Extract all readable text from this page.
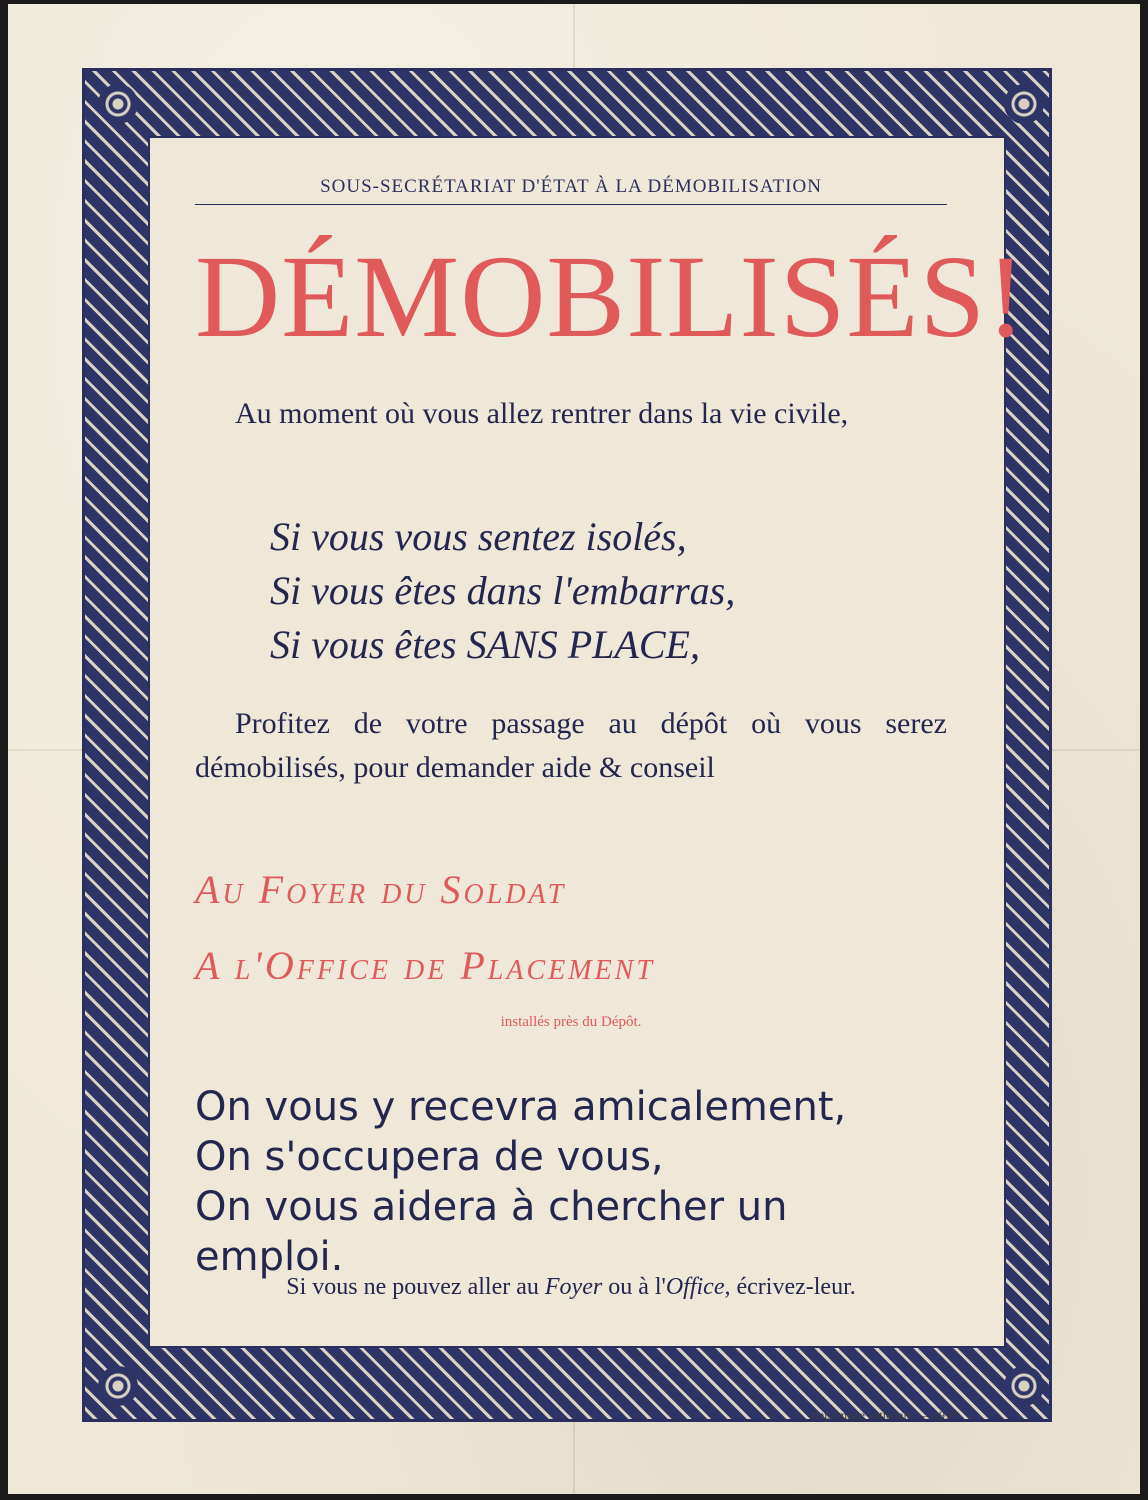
SOUS-SECRÉTARIAT D'ÉTAT À LA DÉMOBILISATION
DÉMOBILISÉS!
Au moment où vous allez rentrer dans la vie civile,
Si vous vous sentez isolés,
Si vous êtes dans l'embarras,
Si vous êtes SANS PLACE,
Profitez de votre passage au dépôt où vous serez démobilisés, pour demander aide & conseil
Au Foyer du Soldat
A l'Office de Placement
installés près du Dépôt.
On vous y recevra amicalement,
On s'occupera de vous,
On vous aidera à chercher un emploi.
Si vous ne pouvez aller au Foyer ou à l'Office, écrivez-leur.
Imprimerie nationale. — 1919.
